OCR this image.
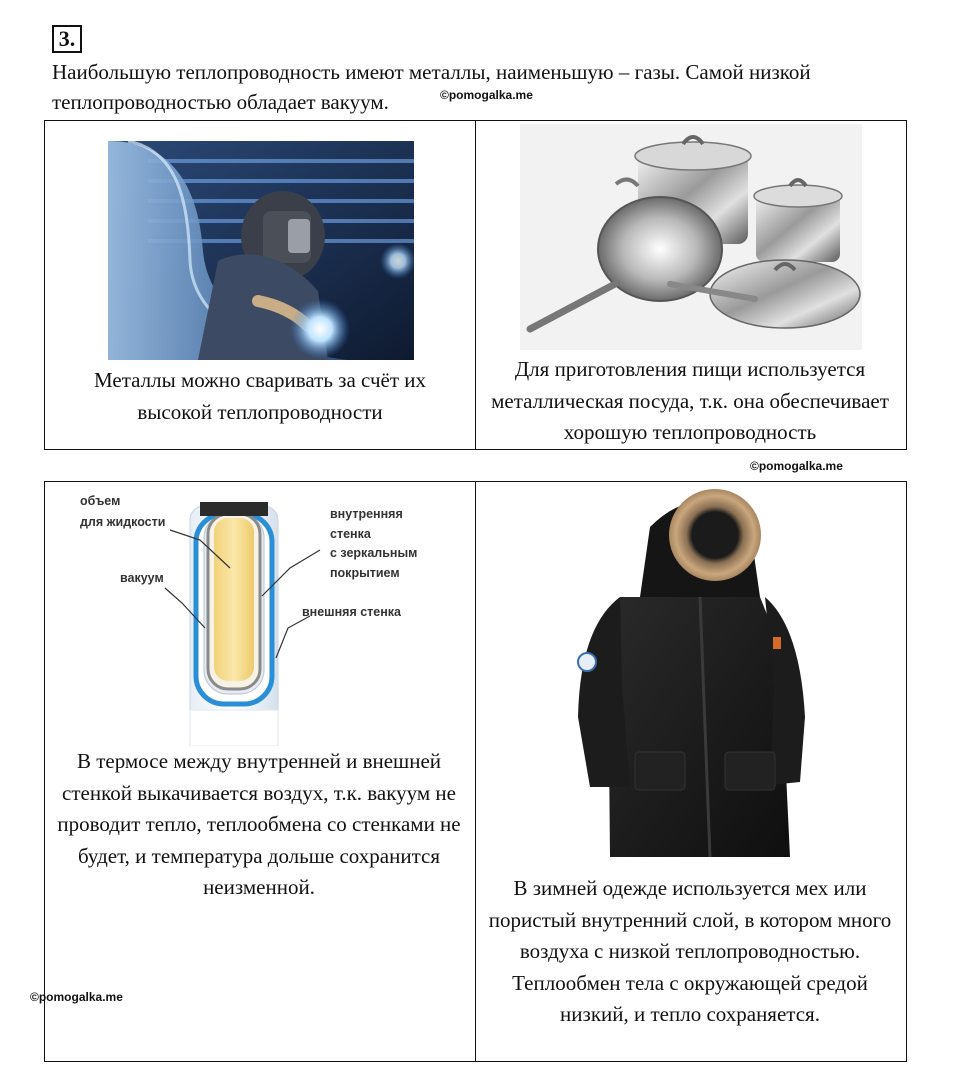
3.
Наибольшую теплопроводность имеют металлы, наименьшую – газы. Самой низкой теплопроводностью обладает вакуум.	©pomogalka.me
Металлы можно сваривать за счёт их высокой теплопроводности
Для приготовления пищи используется металлическая посуда, т.к. она обеспечивает хорошую теплопроводность
©pomogalka.me
объем
для жидкости
вакуум
внутренняя
стенка
с зеркальным
покрытием
внешняя стенка
В термосе между внутренней и внешней стенкой выкачивается воздух, т.к. вакуум не проводит тепло, теплообмена со стенками не будет, и температура дольше сохранится неизменной.	В зимней одежде используется мех или пористый внутренний слой, в котором много воздуха с низкой теплопроводностью. Теплообмен тела с окружающей средой низкий, и тепло сохраняется.
©pomogalka.me
